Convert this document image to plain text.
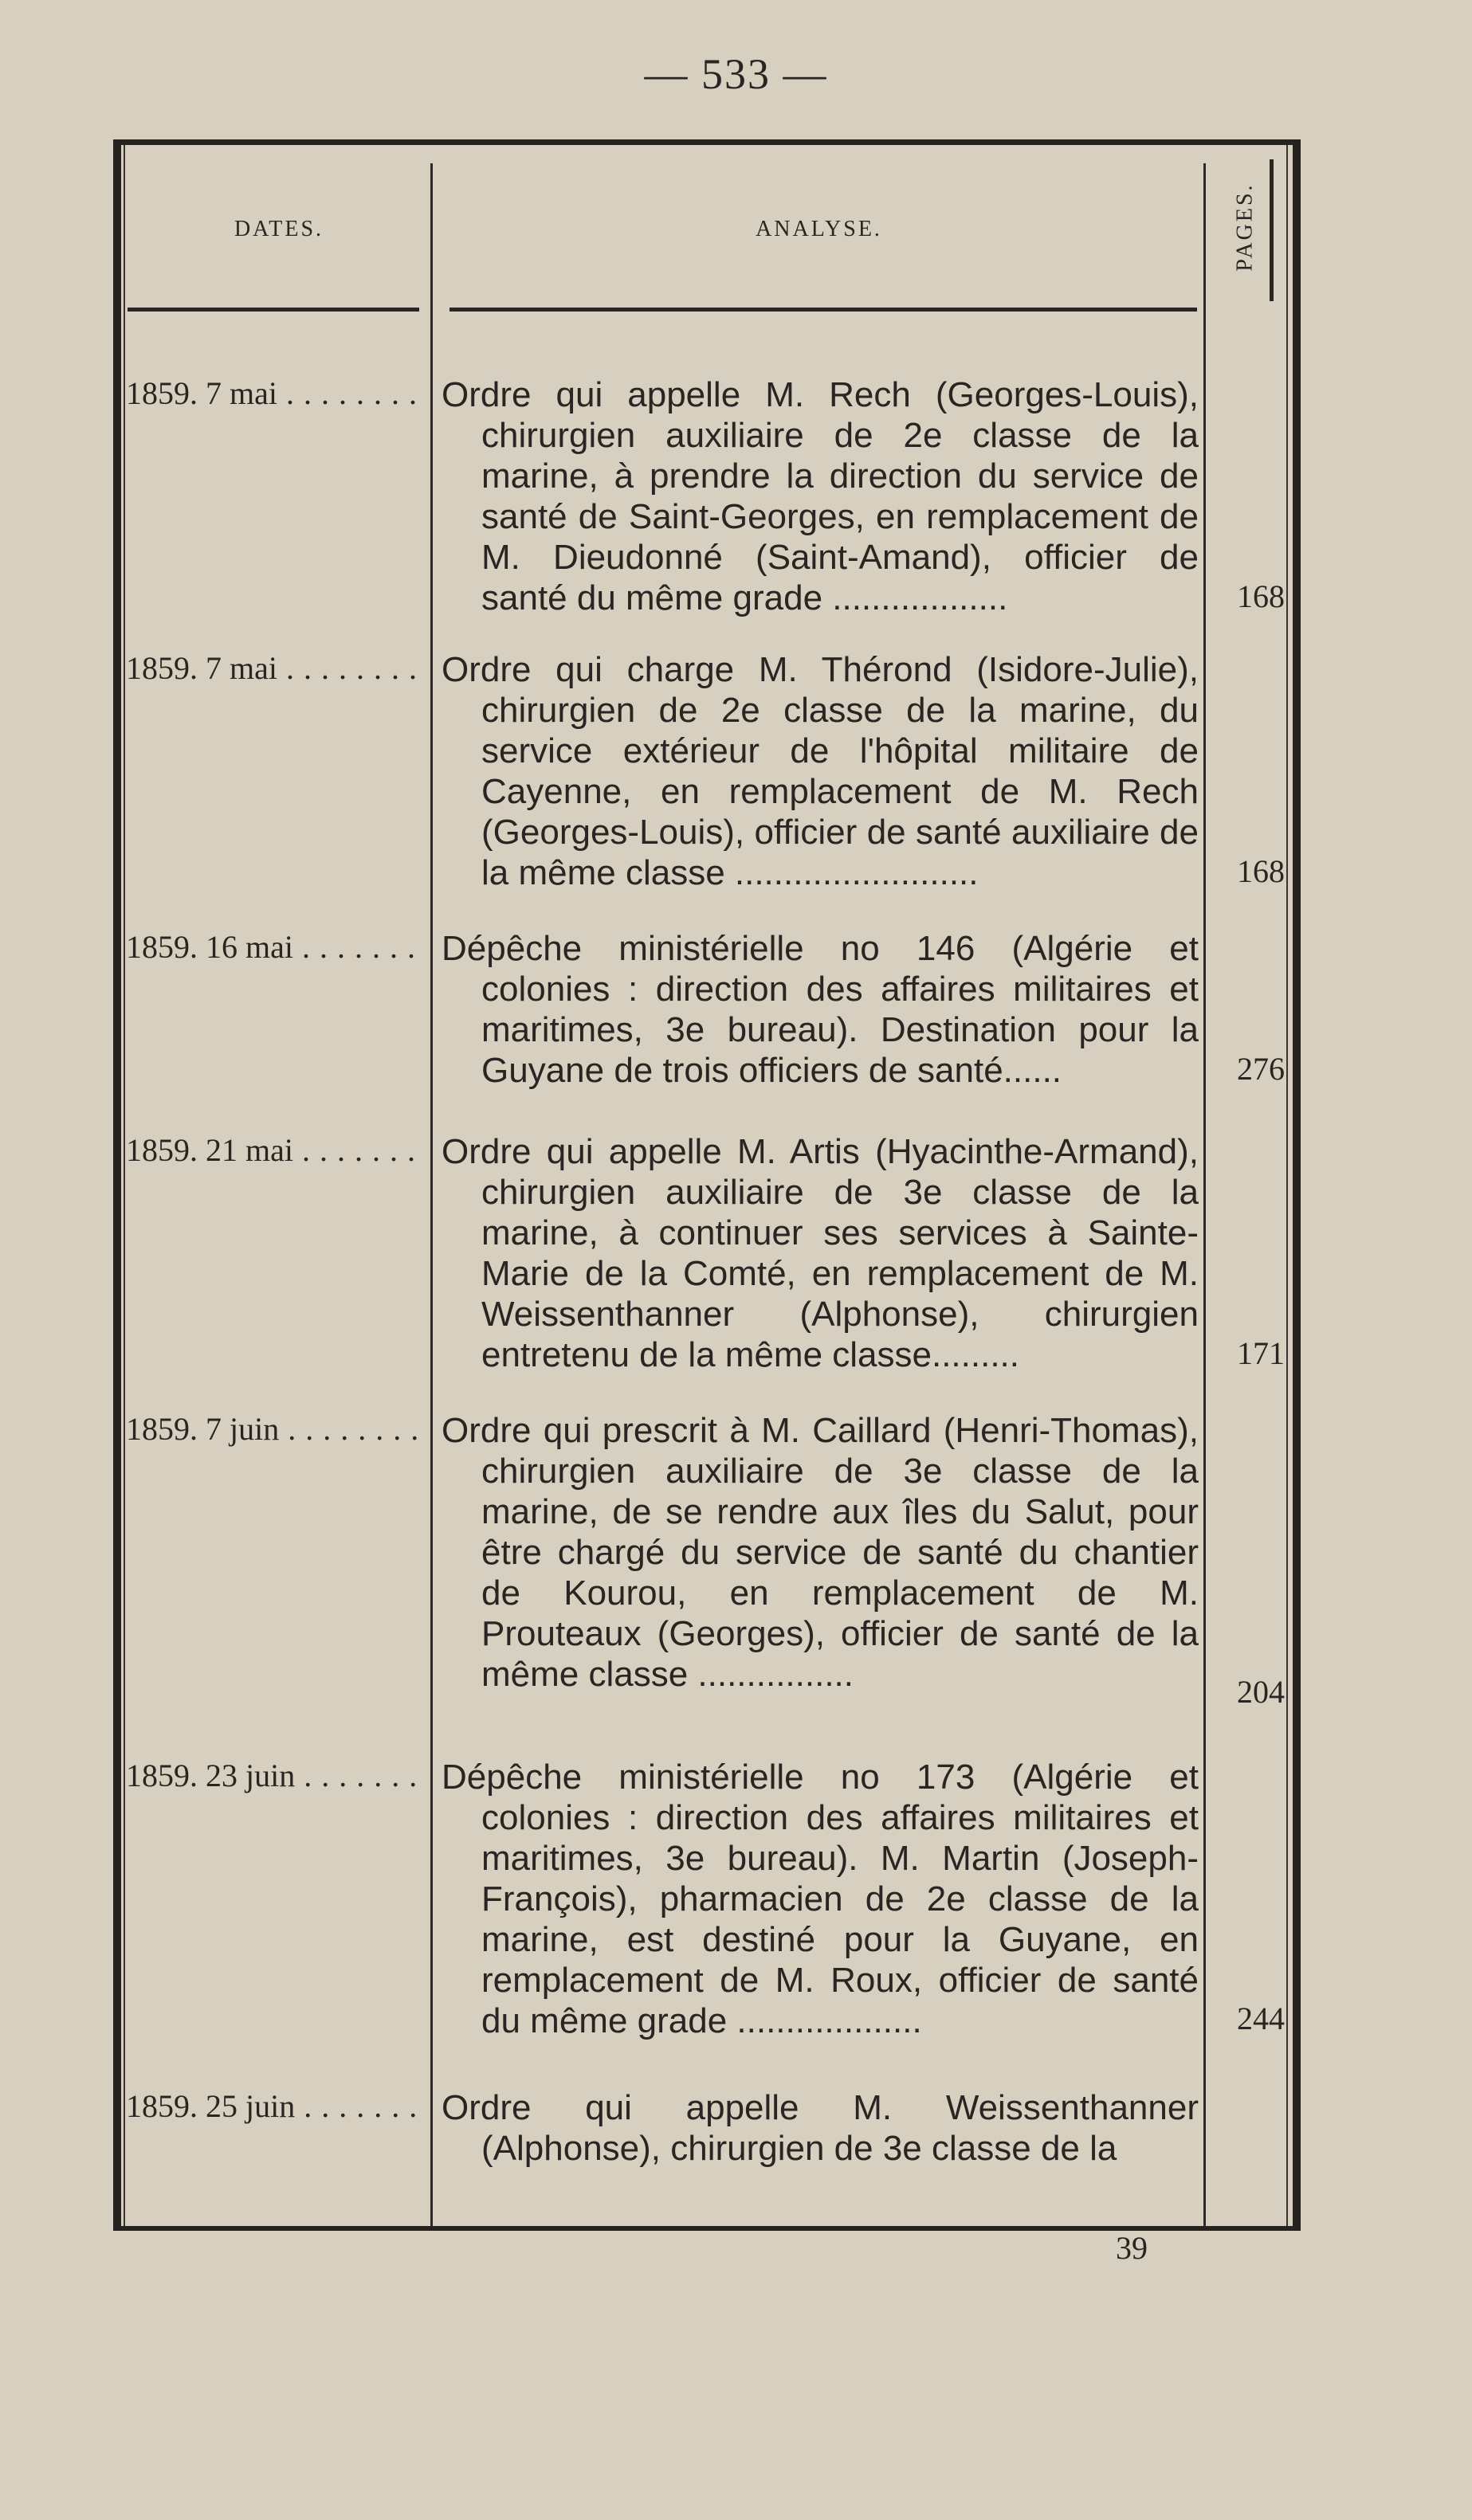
— 533 —
DATES.	ANALYSE.	PAGES.
1859. 7 mai . . .	Ordre qui appelle M. Rech (Georges-Louis), chirurgien auxiliaire de 2e classe de la marine, à prendre la direction du service de santé de Saint-Georges, en remplacement de M. Dieudonné (Saint-Amand), officier de santé du même grade ..................	168
1859. 7 mai . . .	Ordre qui charge M. Thérond (Isidore-Julie), chirurgien de 2e classe de la marine, du service extérieur de l'hôpital militaire de Cayenne, en remplacement de M. Rech (Georges-Louis), officier de santé auxiliaire de la même classe .........................	168
1859. 16 mai . . .	Dépêche ministérielle no 146 (Algérie et colonies : direction des affaires militaires et maritimes, 3e bureau). Destination pour la Guyane de trois officiers de santé......	276
1859. 21 mai . . .	Ordre qui appelle M. Artis (Hyacinthe-Armand), chirurgien auxiliaire de 3e classe de la marine, à continuer ses services à Sainte-Marie de la Comté, en remplacement de M. Weissenthanner (Alphonse), chirurgien entretenu de la même classe.........	171
1859. 7 juin . . .	Ordre qui prescrit à M. Caillard (Henri-Thomas), chirurgien auxiliaire de 3e classe de la marine, de se rendre aux îles du Salut, pour être chargé du service de santé du chantier de Kourou, en remplacement de M. Prouteaux (Georges), officier de santé de la même classe ................	204
1859. 23 juin . . .	Dépêche ministérielle no 173 (Algérie et colonies : direction des affaires militaires et maritimes, 3e bureau). M. Martin (Joseph-François), pharmacien de 2e classe de la marine, est destiné pour la Guyane, en remplacement de M. Roux, officier de santé du même grade ...................	244
1859. 25 juin . . .	Ordre qui appelle M. Weissenthanner (Alphonse), chirurgien de 3e classe de la

39
